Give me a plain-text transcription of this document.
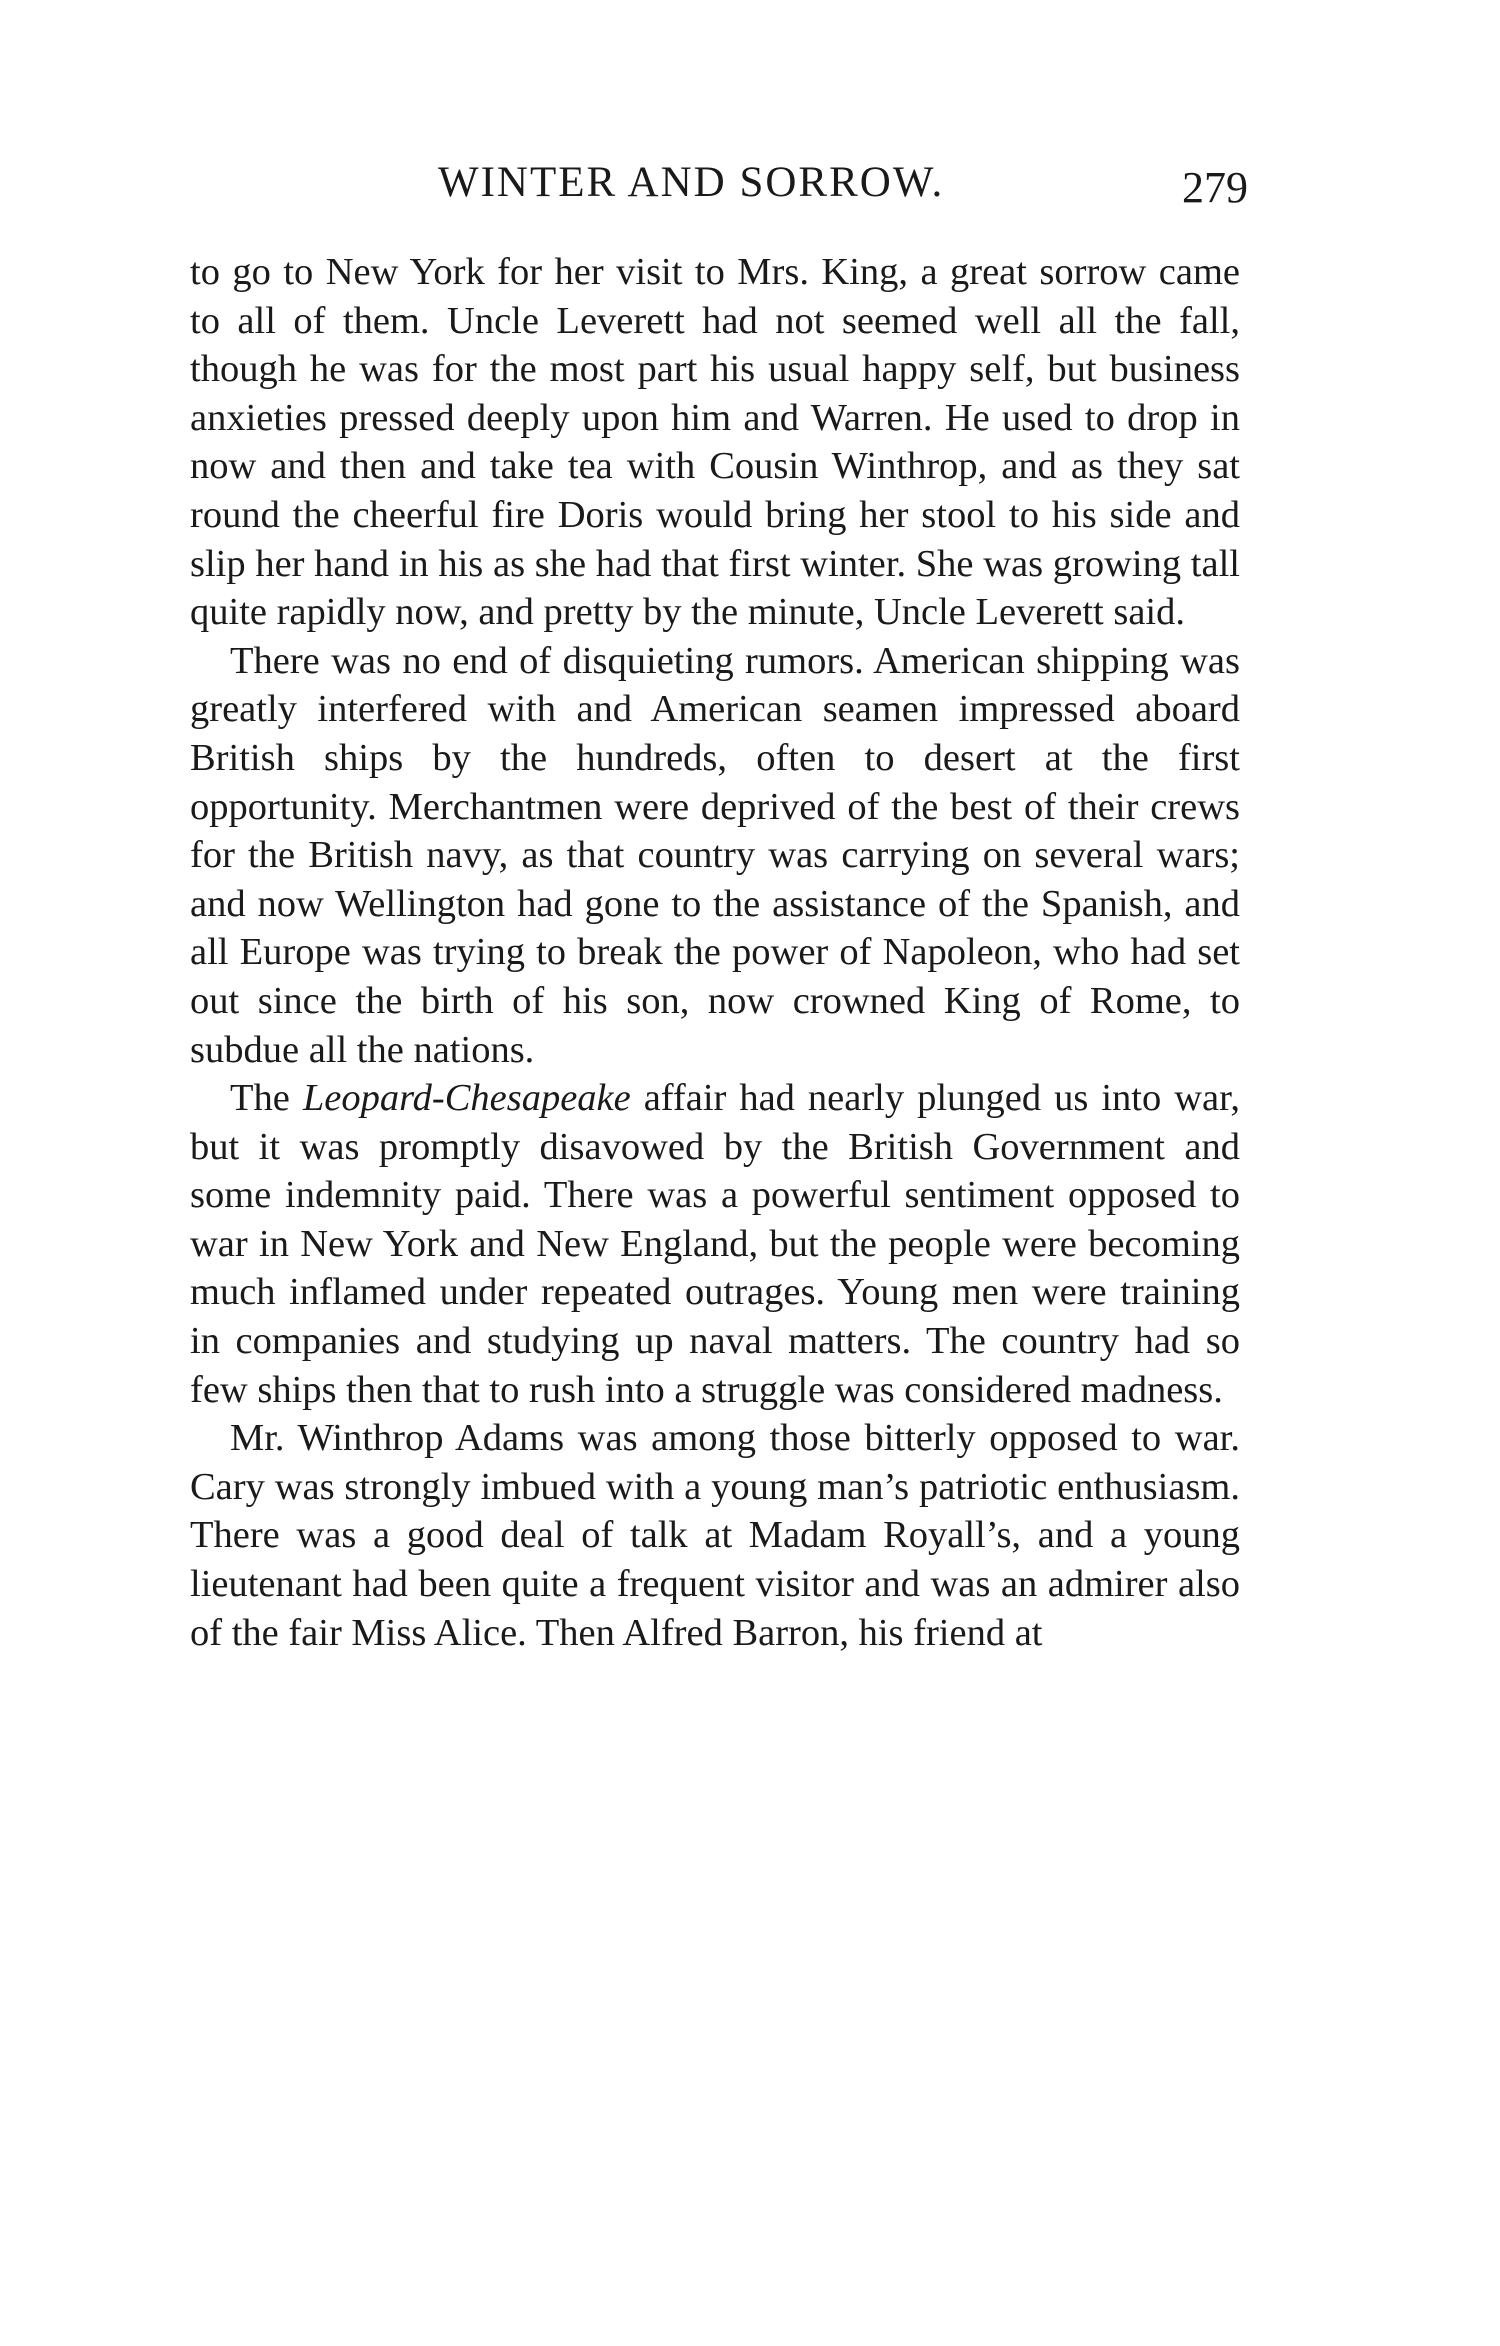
WINTER AND SORROW.	279

to go to New York for her visit to Mrs. King, a great sorrow came to all of them. Uncle Leverett had not seemed well all the fall, though he was for the most part his usual happy self, but business anxieties pressed deeply upon him and Warren. He used to drop in now and then and take tea with Cousin Winthrop, and as they sat round the cheerful fire Doris would bring her stool to his side and slip her hand in his as she had that first winter. She was growing tall quite rapidly now, and pretty by the minute, Uncle Leverett said.

There was no end of disquieting rumors. American shipping was greatly interfered with and American seamen impressed aboard British ships by the hundreds, often to desert at the first opportunity. Merchantmen were deprived of the best of their crews for the British navy, as that country was carrying on several wars; and now Wellington had gone to the assistance of the Spanish, and all Europe was trying to break the power of Napoleon, who had set out since the birth of his son, now crowned King of Rome, to subdue all the nations.

The Leopard-Chesapeake affair had nearly plunged us into war, but it was promptly disavowed by the British Government and some indemnity paid. There was a powerful sentiment opposed to war in New York and New England, but the people were becoming much inflamed under repeated outrages. Young men were training in companies and studying up naval matters. The country had so few ships then that to rush into a struggle was considered madness.

Mr. Winthrop Adams was among those bitterly opposed to war. Cary was strongly imbued with a young man’s patriotic enthusiasm. There was a good deal of talk at Madam Royall’s, and a young lieutenant had been quite a frequent visitor and was an admirer also of the fair Miss Alice. Then Alfred Barron, his friend at
